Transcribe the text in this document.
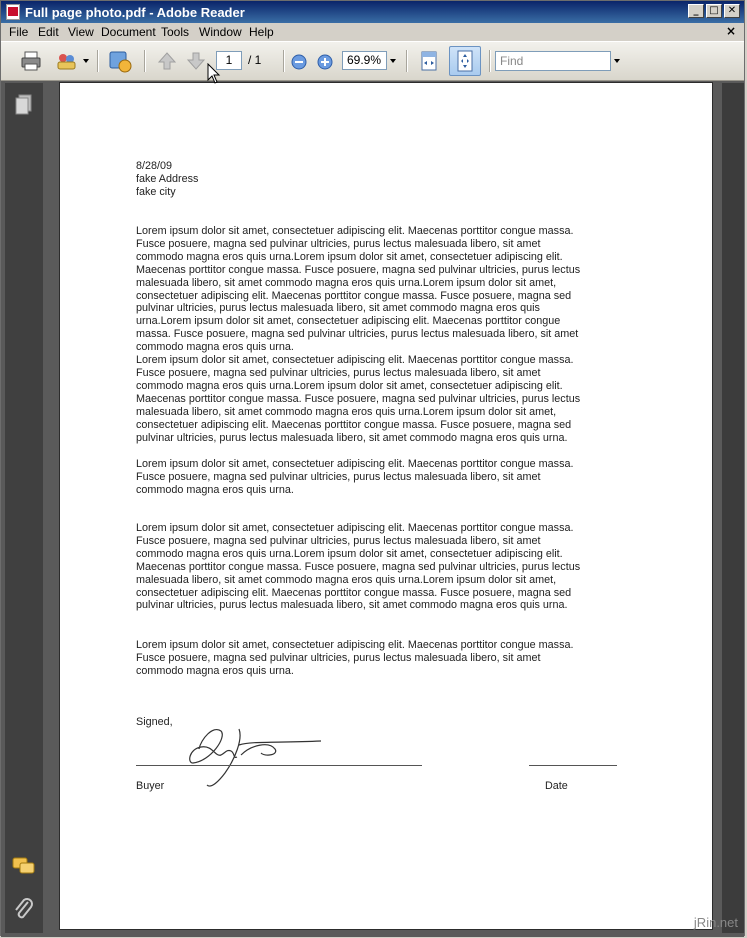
Full page photo.pdf - Adobe Reader	_	□ ✕
File Edit View Document Tools Window Help	×
1	/ 1	69.9%	Find
8/28/09
fake Address
fake city
Lorem ipsum dolor sit amet, consectetuer adipiscing elit. Maecenas porttitor congue massa.
Fusce posuere, magna sed pulvinar ultricies, purus lectus malesuada libero, sit amet
commodo magna eros quis urna.Lorem ipsum dolor sit amet, consectetuer adipiscing elit.
Maecenas porttitor congue massa. Fusce posuere, magna sed pulvinar ultricies, purus lectus
malesuada libero, sit amet commodo magna eros quis urna.Lorem ipsum dolor sit amet,
consectetuer adipiscing elit. Maecenas porttitor congue massa. Fusce posuere, magna sed
pulvinar ultricies, purus lectus malesuada libero, sit amet commodo magna eros quis
urna.Lorem ipsum dolor sit amet, consectetuer adipiscing elit. Maecenas porttitor congue
massa. Fusce posuere, magna sed pulvinar ultricies, purus lectus malesuada libero, sit amet
commodo magna eros quis urna.
Lorem ipsum dolor sit amet, consectetuer adipiscing elit. Maecenas porttitor congue massa.
Fusce posuere, magna sed pulvinar ultricies, purus lectus malesuada libero, sit amet
commodo magna eros quis urna.Lorem ipsum dolor sit amet, consectetuer adipiscing elit.
Maecenas porttitor congue massa. Fusce posuere, magna sed pulvinar ultricies, purus lectus
malesuada libero, sit amet commodo magna eros quis urna.Lorem ipsum dolor sit amet,
consectetuer adipiscing elit. Maecenas porttitor congue massa. Fusce posuere, magna sed
pulvinar ultricies, purus lectus malesuada libero, sit amet commodo magna eros quis urna.
Lorem ipsum dolor sit amet, consectetuer adipiscing elit. Maecenas porttitor congue massa.
Fusce posuere, magna sed pulvinar ultricies, purus lectus malesuada libero, sit amet
commodo magna eros quis urna.
Lorem ipsum dolor sit amet, consectetuer adipiscing elit. Maecenas porttitor congue massa.
Fusce posuere, magna sed pulvinar ultricies, purus lectus malesuada libero, sit amet
commodo magna eros quis urna.Lorem ipsum dolor sit amet, consectetuer adipiscing elit.
Maecenas porttitor congue massa. Fusce posuere, magna sed pulvinar ultricies, purus lectus
malesuada libero, sit amet commodo magna eros quis urna.Lorem ipsum dolor sit amet,
consectetuer adipiscing elit. Maecenas porttitor congue massa. Fusce posuere, magna sed
pulvinar ultricies, purus lectus malesuada libero, sit amet commodo magna eros quis urna.
Lorem ipsum dolor sit amet, consectetuer adipiscing elit. Maecenas porttitor congue massa.
Fusce posuere, magna sed pulvinar ultricies, purus lectus malesuada libero, sit amet
commodo magna eros quis urna.
Signed,
Buyer	Date
jRin.net
